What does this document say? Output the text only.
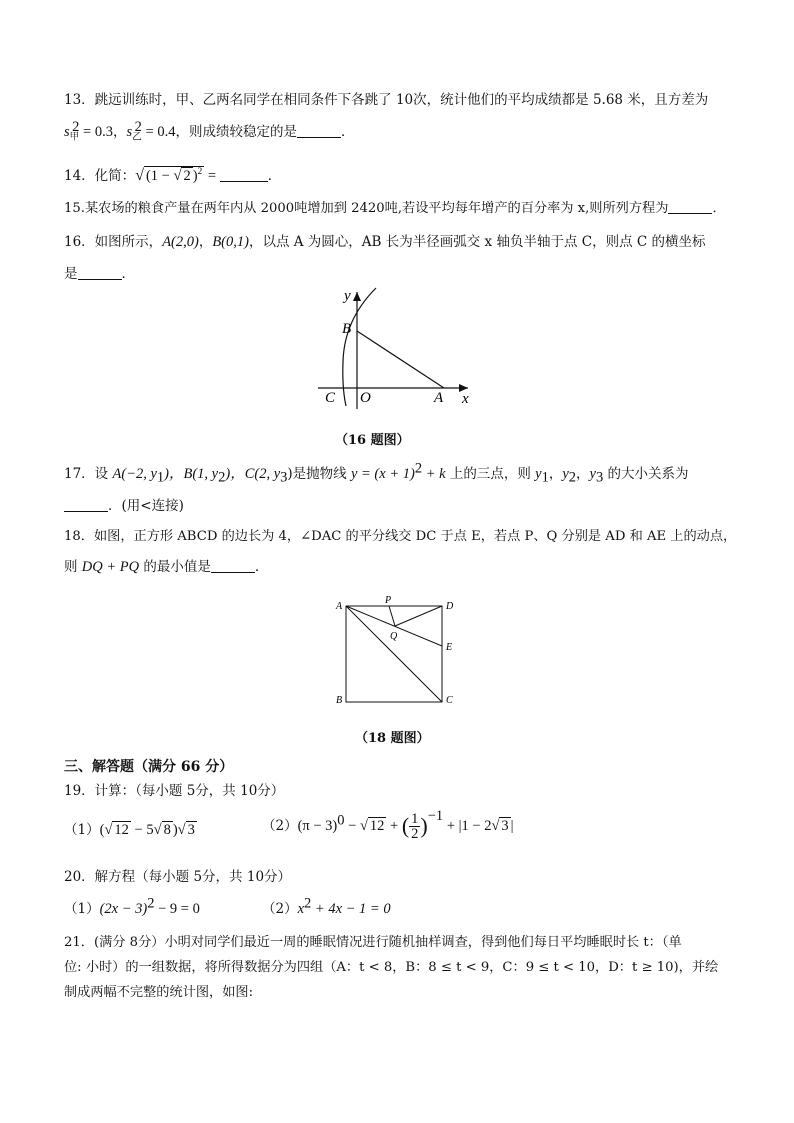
13．跳远训练时，甲、乙两名同学在相同条件下各跳了 10次，统计他们的平均成绩都是 5.68 米，且方差为
$s_甲^2 = 0.3$，$s_乙^2 = 0.4$，则成绩较稳定的是	．
14．化简：√ (1 − √ 2 )$^2$ =	．
15.某农场的粮食产量在两年内从 2000吨增加到 2420吨,若设平均每年增产的百分率为 x,则所列方程为	．
16．如图所示，A(2,0)，B(0,1)，以点 A 为圆心，AB 长为半径画弧交 x 轴负半轴于点 C，则点 C 的横坐标
是	．
y
x
B
C O	A
（16 题图）
17．设 A(−2, $y_1$)，B(1, $y_2$)，C(2, $y_3$)是抛物线 $y = (x + 1)^2 + k$ 上的三点，则 $y_1$，$y_2$，$y_3$ 的大小关系为
．(用<连接)
18．如图，正方形 ABCD 的边长为 4，∠DAC 的平分线交 DC 于点 E，若点 P、Q 分别是 AD 和 AE 上的动点，
则 DQ + PQ 的最小值是	．
A
P
D
Q
E
B	C
（18 题图）
三、解答题（满分 66 分）
19．计算：（每小题 5分，共 10分）
（1）(√ 12 − 5√ 8 )√ 3	$(2)(\pi - 3)^0$ − √ 12 + ( $\frac{1}{2} )^{-1} + |1 - 2√$ 3 |
20．解方程（每小题 5分，共 10分）
$(1)(2x - 3)^2 - 9 = 0$	$(2)x^2 + 4x - 1 = 0$
21．(满分 8分）小明对同学们最近一周的睡眠情况进行随机抽样调查，得到他们每日平均睡眠时长 t：（单
位: 小时）的一组数据，将所得数据分为四组（A：t < 8，B：8 ≤ t < 9，C：9 ≤ t < 10，D：t ≥ 10)，并绘
制成两幅不完整的统计图，如图:
